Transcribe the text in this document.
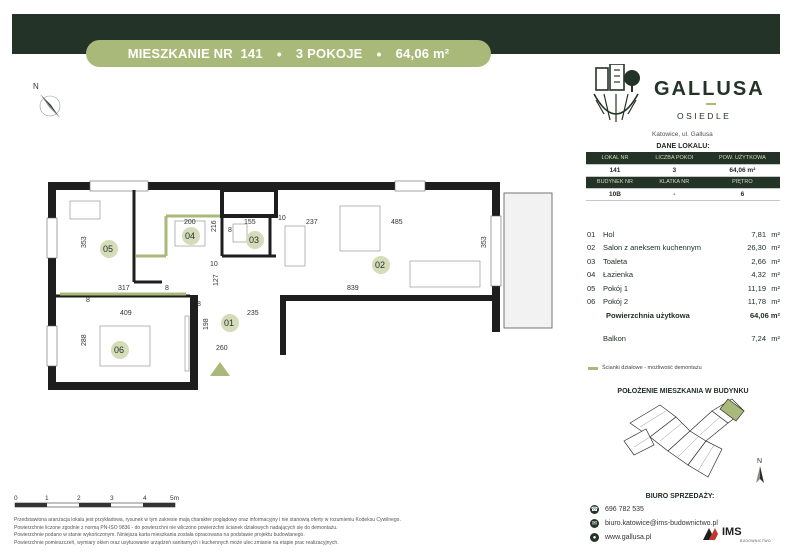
MIESZKANIE NR 141 • 3 POKOJE • 64,06 m²
N	GALLUSA
OSIEDLE
Katowice, ul. Gallusa
DANE LOKALU:
LOKAL NR	LICZBA POKOI	POW. UŻYTKOWA
141	3	64,06 m²
BUDYNEK NR	KLATKA NR	PIĘTRO
10B	-	6
01 Hol	7,81 m²
02 Salon z aneksem kuchennym	26,30 m²
03 Toaleta	2,66 m²
04 Łazienka	4,32 m²
05 Pokój 1	11,19 m²
06 Pokój 2	11,78 m²
Powierzchnia użytkowa	64,06 m²
Balkon	7,24 m²
Ścianki działowe - możliwość demontażu
POŁOŻENIE MIESZKANIA W BUDYNKU
N
BIURO SPRZEDAŻY:
☎ 696 782 535
✉ biuro.katowice@ims-budownictwo.pl
●	www.gallusa.pl	IMS
BUDOWNICTWO
0	1	2	3	4	5m
Przedstawiona aranżacja lokalu jest przykładowa, rysunek w tym zakresie mają charakter poglądowy oraz informacyjny i nie stanowią oferty w rozumieniu Kodeksu Cywilnego.
Powierzchnie liczone zgodnie z normą PN-ISO 9836 - do powierzchni nie wliczono powierzchni ścianek działowych nadających się do demontażu.
Powierzchnie podano w stanie wykończonym. Niniejsza karta mieszkania została opracowana na podstawie projektu budowlanego.
Powierzchnie pomieszczeń, wymiary okien oraz usytuowanie urządzeń sanitarnych i kuchennych może ulec zmianie na etapie prac realizacyjnych.
05
04	03
02
01
06
200	155	237	485
353	353
317	839
409	235
260
288
198
127
216
10
10
8
8
8
8
